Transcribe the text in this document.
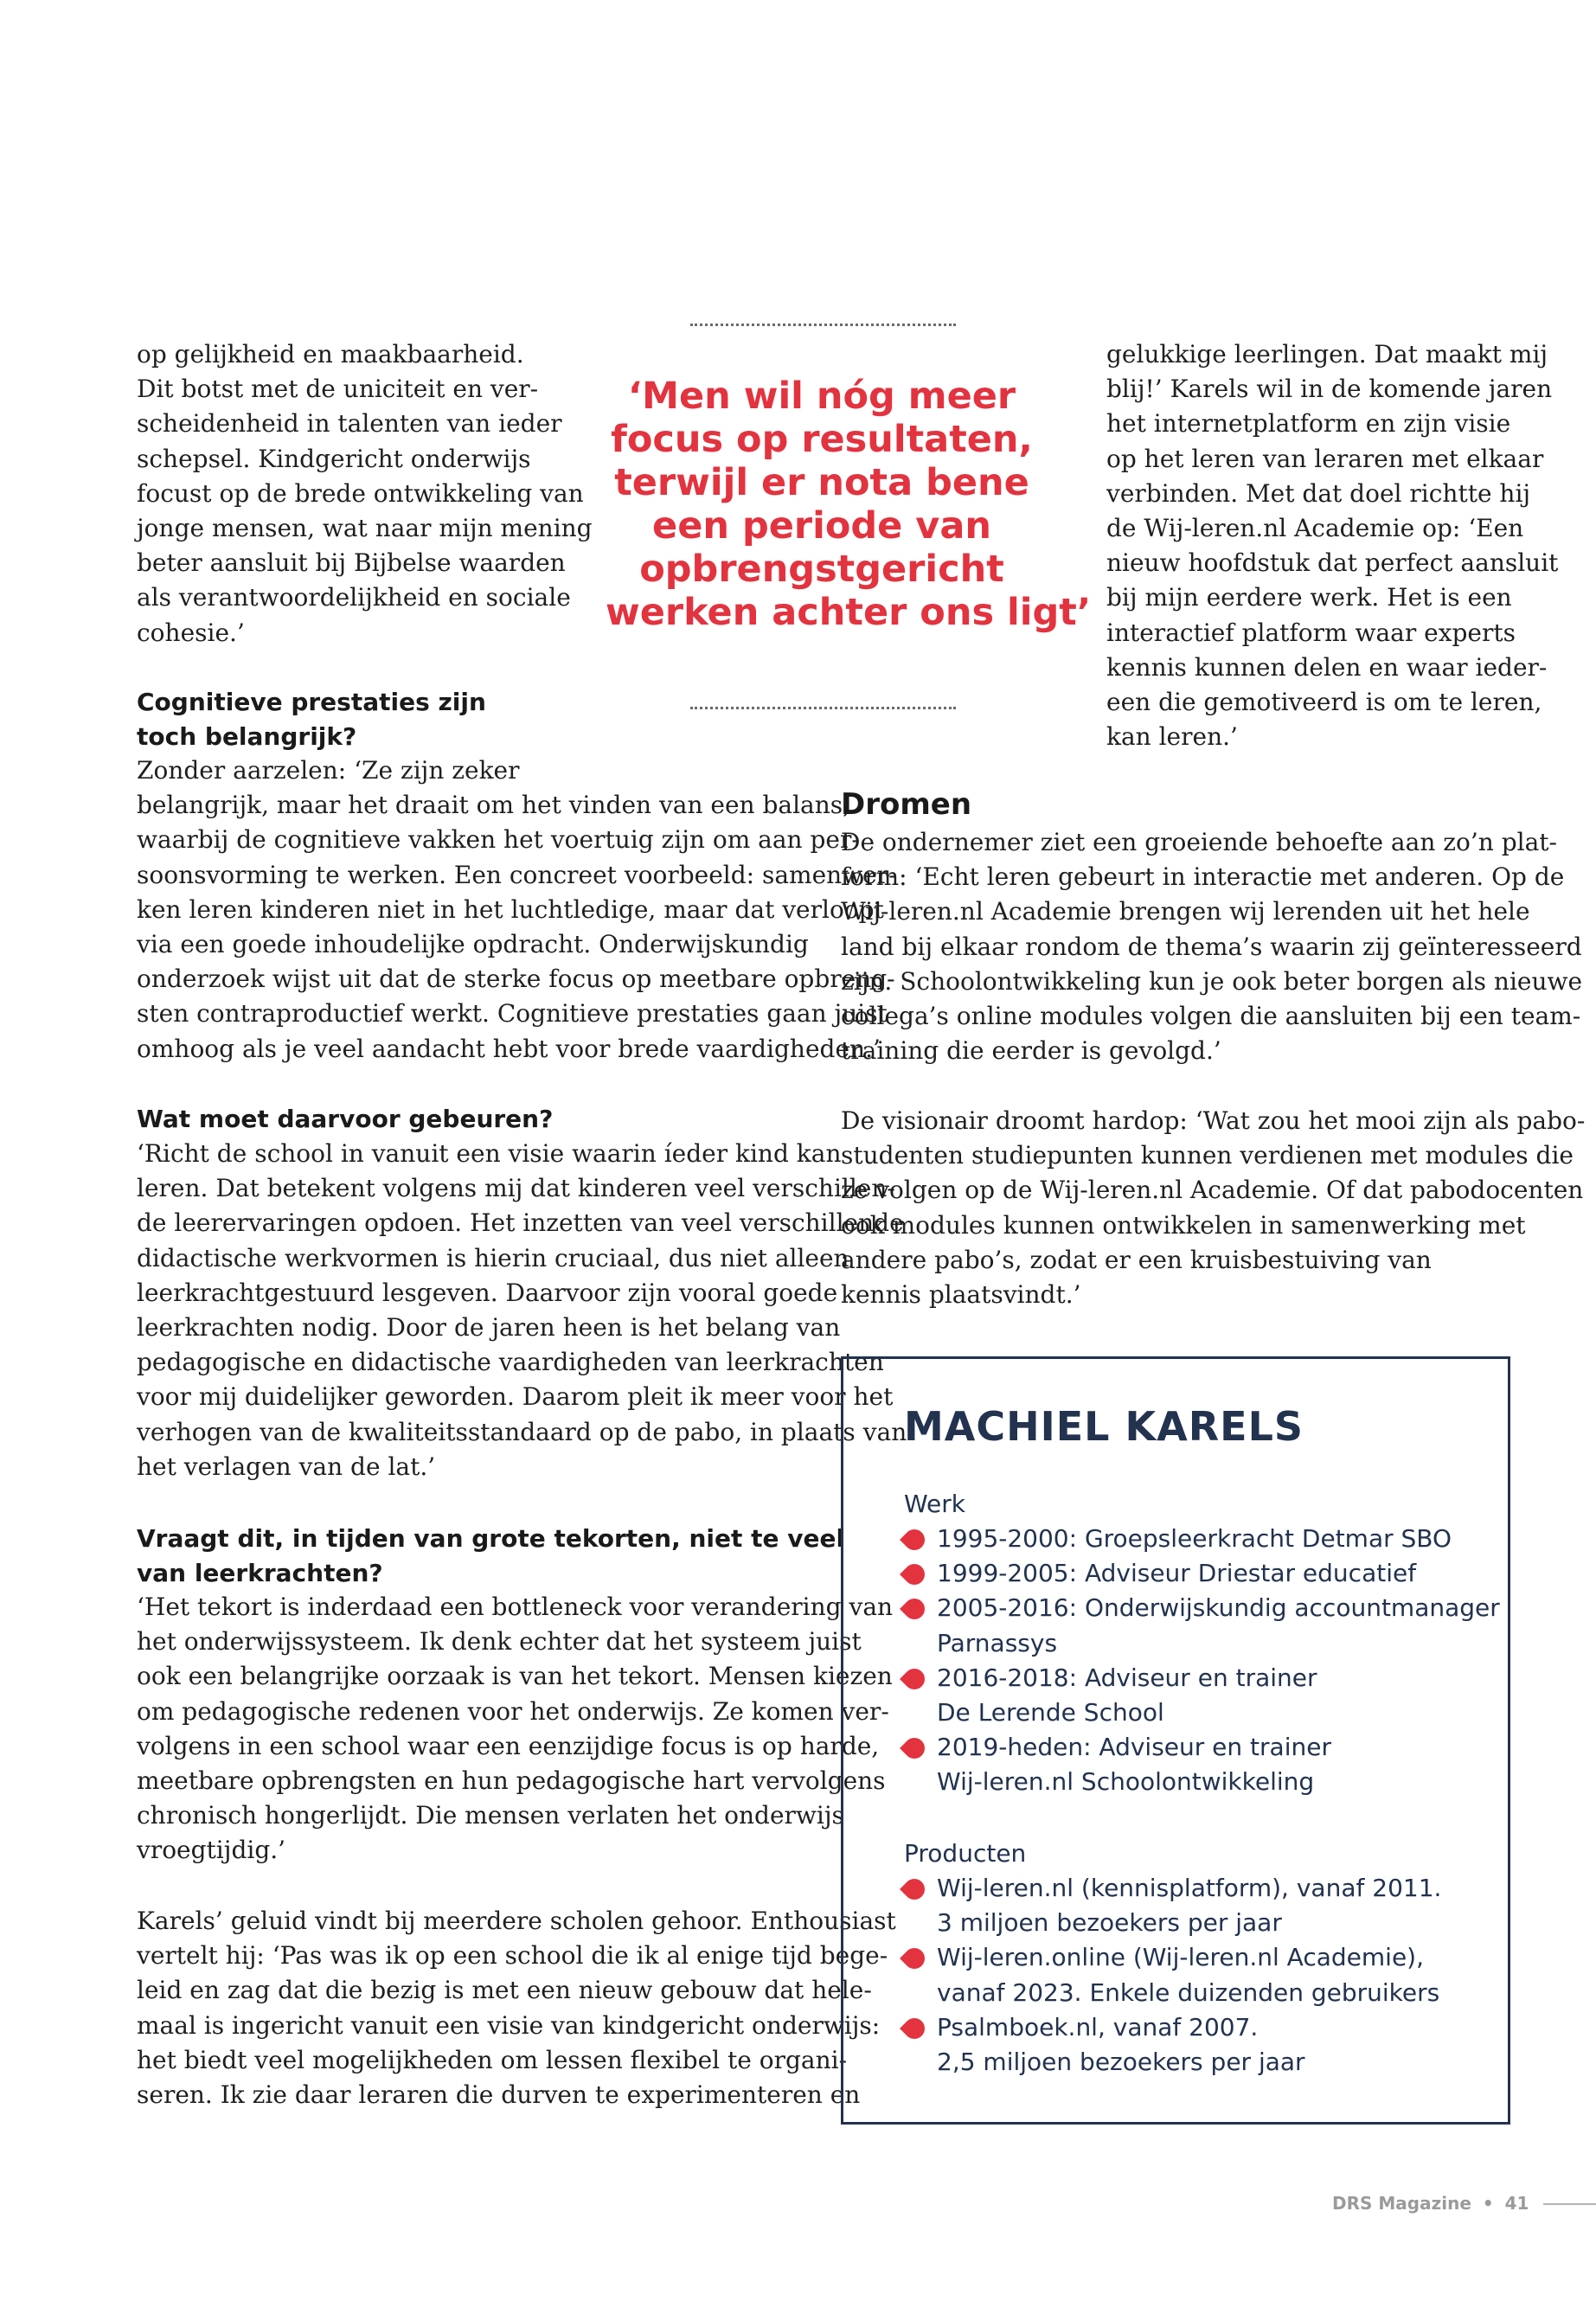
op gelijkheid en maakbaarheid.
Dit botst met de uniciteit en ver-
scheidenheid in talenten van ieder
schepsel. Kindgericht onderwijs
focust op de brede ontwikkeling van
jonge mensen, wat naar mijn mening
beter aansluit bij Bijbelse waarden
als verantwoordelijkheid en sociale
cohesie.’
Cognitieve prestaties zijn
toch belangrijk?
Zonder aarzelen: ‘Ze zijn zeker
belangrijk, maar het draait om het vinden van een balans,
waarbij de cognitieve vakken het voertuig zijn om aan per-
soonsvorming te werken. Een concreet voorbeeld: samenwer-
ken leren kinderen niet in het luchtledige, maar dat verloopt
via een goede inhoudelijke opdracht. Onderwijskundig
onderzoek wijst uit dat de sterke focus op meetbare opbreng-
sten contraproductief werkt. Cognitieve prestaties gaan juist
omhoog als je veel aandacht hebt voor brede vaardigheden.’
Wat moet daarvoor gebeuren?
‘Richt de school in vanuit een visie waarin íeder kind kan
leren. Dat betekent volgens mij dat kinderen veel verschillen-
de leerervaringen opdoen. Het inzetten van veel verschillende
didactische werkvormen is hierin cruciaal, dus niet alleen
leerkrachtgestuurd lesgeven. Daarvoor zijn vooral goede
leerkrachten nodig. Door de jaren heen is het belang van
pedagogische en didactische vaardigheden van leerkrachten
voor mij duidelijker geworden. Daarom pleit ik meer voor het
verhogen van de kwaliteitsstandaard op de pabo, in plaats van
het verlagen van de lat.’
Vraagt dit, in tijden van grote tekorten, niet te veel
van leerkrachten?
‘Het tekort is inderdaad een bottleneck voor verandering van
het onderwijssysteem. Ik denk echter dat het systeem juist
ook een belangrijke oorzaak is van het tekort. Mensen kiezen
om pedagogische redenen voor het onderwijs. Ze komen ver-
volgens in een school waar een eenzijdige focus is op harde,
meetbare opbrengsten en hun pedagogische hart vervolgens
chronisch hongerlijdt. Die mensen verlaten het onderwijs
vroegtijdig.’
Karels’ geluid vindt bij meerdere scholen gehoor. Enthousiast
vertelt hij: ‘Pas was ik op een school die ik al enige tijd bege-
leid en zag dat die bezig is met een nieuw gebouw dat hele-
maal is ingericht vanuit een visie van kindgericht onderwijs:
het biedt veel mogelijkheden om lessen flexibel te organi-
seren. Ik zie daar leraren die durven te experimenteren en
‘Men wil nóg meer
focus op resultaten,
terwijl er nota bene
een periode van
opbrengstgericht
werken achter ons ligt’
gelukkige leerlingen. Dat maakt mij
blij!’ Karels wil in de komende jaren
het internetplatform en zijn visie
op het leren van leraren met elkaar
verbinden. Met dat doel richtte hij
de Wij-leren.nl Academie op: ‘Een
nieuw hoofdstuk dat perfect aansluit
bij mijn eerdere werk. Het is een
interactief platform waar experts
kennis kunnen delen en waar ieder-
een die gemotiveerd is om te leren,
kan leren.’
Dromen
De ondernemer ziet een groeiende behoefte aan zo’n plat-
form: ‘Echt leren gebeurt in interactie met anderen. Op de
Wij-leren.nl Academie brengen wij lerenden uit het hele
land bij elkaar rondom de thema’s waarin zij geïnteresseerd
zijn. Schoolontwikkeling kun je ook beter borgen als nieuwe
collega’s online modules volgen die aansluiten bij een team-
training die eerder is gevolgd.’
De visionair droomt hardop: ‘Wat zou het mooi zijn als pabo-
studenten studiepunten kunnen verdienen met modules die
ze volgen op de Wij-leren.nl Academie. Of dat pabodocenten
ook modules kunnen ontwikkelen in samenwerking met
andere pabo’s, zodat er een kruisbestuiving van
kennis plaatsvindt.’
MACHIEL KARELS
Werk
1995-2000: Groepsleerkracht Detmar SBO
1999-2005: Adviseur Driestar educatief
2005-2016: Onderwijskundig accountmanager
Parnassys
2016-2018: Adviseur en trainer
De Lerende School
2019-heden: Adviseur en trainer
Wij-leren.nl Schoolontwikkeling
Producten
Wij-leren.nl (kennisplatform), vanaf 2011.
3 miljoen bezoekers per jaar
Wij-leren.online (Wij-leren.nl Academie),
vanaf 2023. Enkele duizenden gebruikers
Psalmboek.nl, vanaf 2007.
2,5 miljoen bezoekers per jaar
DRS Magazine • 41
